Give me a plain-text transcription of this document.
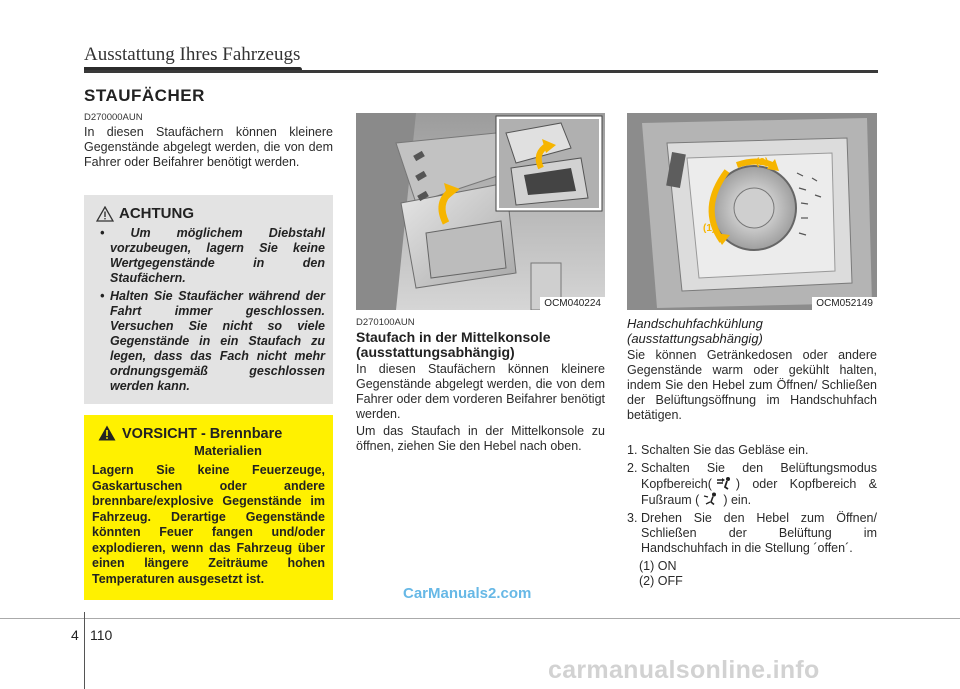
Ausstattung Ihres Fahrzeugs
STAUFÄCHER
D270000AUN
In diesen Staufächern können kleinere Gegenstände abgelegt werden, die von dem Fahrer oder Beifahrer benötigt werden.
ACHTUNG
• Um möglichem Diebstahl vorzubeugen, lagern Sie keine Wertgegenstände in den Staufächern.
• Halten Sie Staufächer während der Fahrt immer geschlossen. Versuchen Sie nicht so viele Gegenstände in ein Staufach zu legen, dass das Fach nicht mehr ordnungsgemäß geschlossen werden kann.
VORSICHT - Brennbare
Materialien
Lagern Sie keine Feuerzeuge, Gaskartuschen oder andere brennbare/explosive Gegenstände im Fahrzeug. Derartige Gegenstände könnten Feuer fangen und/oder explodieren, wenn das Fahrzeug über einen längere Zeiträume hohen Temperaturen ausgesetzt ist.
OCM040224
(1)
(2)
OCM052149
D270100AUN
Staufach in der Mittelkonsole (ausstattungsabhängig)

In diesen Staufächern können kleinere Gegenstände abgelegt werden, die von dem Fahrer oder dem vorderen Beifahrer benötigt werden.

Um das Staufach in der Mittelkonsole zu öffnen, ziehen Sie den Hebel nach oben.

Handschuhfachkühlung (ausstattungsabhängig)
Sie können Getränkedosen oder andere Gegenstände warm oder gekühlt halten, indem Sie den Hebel zum Öffnen/ Schließen der Belüftungsöffnung im Handschuhfach betätigen.
1. Schalten Sie das Gebläse ein.
2. Schalten Sie den Belüftungsmodus Kopfbereich( ) oder Kopfbereich & Fußraum ( ) ein.
3. Drehen Sie den Hebel zum Öffnen/ Schließen der Belüftung im Handschuhfach in die Stellung ´offen´.
(1) ON
(2) OFF
CarManuals2.com
carmanualsonline.info
4 110
